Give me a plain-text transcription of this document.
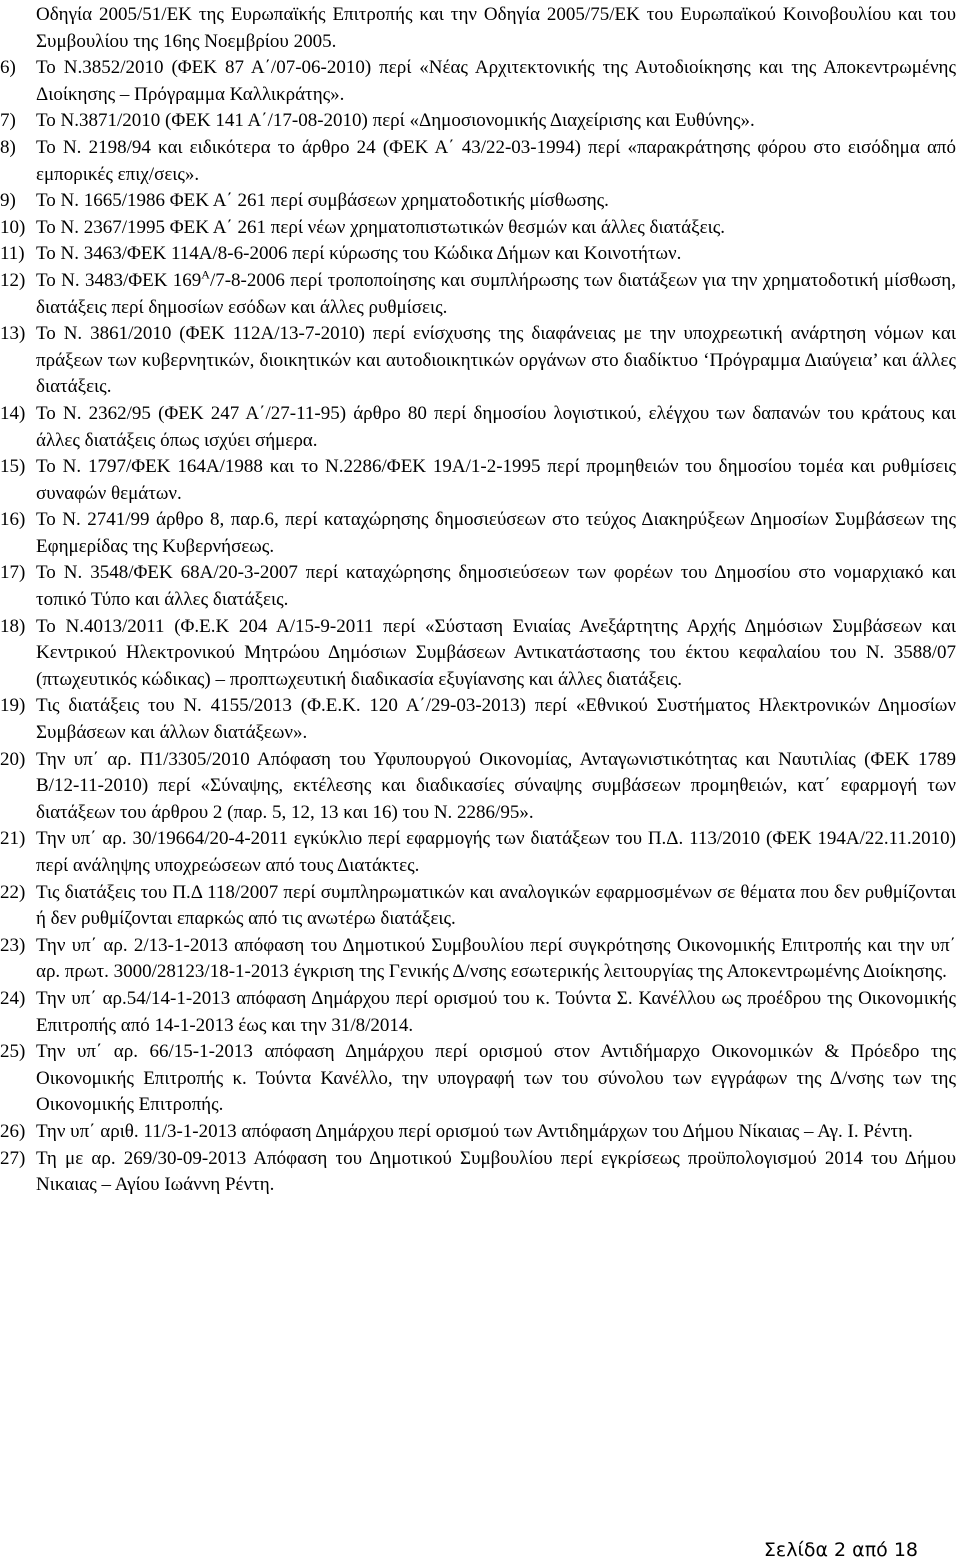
Οδηγία 2005/51/ΕΚ της Ευρωπαϊκής Επιτροπής και την Οδηγία 2005/75/ΕΚ του Ευρωπαϊκού Κοινοβουλίου και του Συμβουλίου της 16ης Νοεμβρίου 2005.

6) Το Ν.3852/2010 (ΦΕΚ 87 Α΄/07-06-2010) περί «Νέας Αρχιτεκτονικής της Αυτοδιοίκησης και της Αποκεντρωμένης Διοίκησης – Πρόγραμμα Καλλικράτης».
7) Το Ν.3871/2010 (ΦΕΚ 141 Α΄/17-08-2010) περί «Δημοσιονομικής Διαχείρισης και Ευθύνης».
8) Το Ν. 2198/94 και ειδικότερα το άρθρο 24 (ΦΕΚ Α΄ 43/22-03-1994) περί «παρακράτησης φόρου στο εισόδημα από εμπορικές επιχ/σεις».
9) Το Ν. 1665/1986 ΦΕΚ Α΄ 261 περί συμβάσεων χρηματοδοτικής μίσθωσης.
10) Το Ν. 2367/1995 ΦΕΚ Α΄ 261 περί νέων χρηματοπιστωτικών θεσμών και άλλες διατάξεις.
11) Το Ν. 3463/ΦΕΚ 114Α/8-6-2006 περί κύρωσης του Κώδικα Δήμων και Κοινοτήτων.
12) Το Ν. 3483/ΦΕΚ $169^A/7-8-2006$ περί τροποποίησης και συμπλήρωσης των διατάξεων για την χρηματοδοτική μίσθωση, διατάξεις περί δημοσίων εσόδων και άλλες ρυθμίσεις.
13) Το Ν. 3861/2010 (ΦΕΚ 112Α/13-7-2010) περί ενίσχυσης της διαφάνειας με την υποχρεωτική ανάρτηση νόμων και πράξεων των κυβερνητικών, διοικητικών και αυτοδιοικητικών οργάνων στο διαδίκτυο ‘Πρόγραμμα Διαύγεια’ και άλλες διατάξεις.
14) Το Ν. 2362/95 (ΦΕΚ 247 Α΄/27-11-95) άρθρο 80 περί δημοσίου λογιστικού, ελέγχου των δαπανών του κράτους και άλλες διατάξεις όπως ισχύει σήμερα.
15) Το Ν. 1797/ΦΕΚ 164Α/1988 και το Ν.2286/ΦΕΚ 19Α/1-2-1995 περί προμηθειών του δημοσίου τομέα και ρυθμίσεις συναφών θεμάτων.
16) Το Ν. 2741/99 άρθρο 8, παρ.6, περί καταχώρησης δημοσιεύσεων στο τεύχος Διακηρύξεων Δημοσίων Συμβάσεων της Εφημερίδας της Κυβερνήσεως.
17) Το Ν. 3548/ΦΕΚ 68Α/20-3-2007 περί καταχώρησης δημοσιεύσεων των φορέων του Δημοσίου στο νομαρχιακό και τοπικό Τύπο και άλλες διατάξεις.
18) Το Ν.4013/2011 (Φ.Ε.Κ 204 Α/15-9-2011 περί «Σύσταση Ενιαίας Ανεξάρτητης Αρχής Δημόσιων Συμβάσεων και Κεντρικού Ηλεκτρονικού Μητρώου Δημόσιων Συμβάσεων Αντικατάστασης του έκτου κεφαλαίου του Ν. 3588/07 (πτωχευτικός κώδικας) – προπτωχευτική διαδικασία εξυγίανσης και άλλες διατάξεις.
19) Τις διατάξεις του Ν. 4155/2013 (Φ.Ε.Κ. 120 Α΄/29-03-2013) περί «Εθνικού Συστήματος Ηλεκτρονικών Δημοσίων Συμβάσεων και άλλων διατάξεων».
20) Την υπ΄ αρ. Π1/3305/2010 Απόφαση του Υφυπουργού Οικονομίας, Ανταγωνιστικότητας και Ναυτιλίας (ΦΕΚ 1789 Β/12-11-2010) περί «Σύναψης, εκτέλεσης και διαδικασίες σύναψης συμβάσεων προμηθειών, κατ΄ εφαρμογή των διατάξεων του άρθρου 2 (παρ. 5, 12, 13 και 16) του Ν. 2286/95».
21) Την υπ΄ αρ. 30/19664/20-4-2011 εγκύκλιο περί εφαρμογής των διατάξεων του Π.Δ. 113/2010 (ΦΕΚ 194Α/22.11.2010) περί ανάληψης υποχρεώσεων από τους Διατάκτες.
22) Τις διατάξεις του Π.Δ 118/2007 περί συμπληρωματικών και αναλογικών εφαρμοσμένων σε θέματα που δεν ρυθμίζονται ή δεν ρυθμίζονται επαρκώς από τις ανωτέρω διατάξεις.
23) Την υπ΄ αρ. 2/13-1-2013 απόφαση του Δημοτικού Συμβουλίου περί συγκρότησης Οικονομικής Επιτροπής και την υπ΄ αρ. πρωτ. 3000/28123/18-1-2013 έγκριση της Γενικής Δ/νσης εσωτερικής λειτουργίας της Αποκεντρωμένης Διοίκησης.
24) Την υπ΄ αρ.54/14-1-2013 απόφαση Δημάρχου περί ορισμού του κ. Τούντα Σ. Κανέλλου ως προέδρου της Οικονομικής Επιτροπής από 14-1-2013 έως και την 31/8/2014.
25) Την υπ΄ αρ. 66/15-1-2013 απόφαση Δημάρχου περί ορισμού στον Αντιδήμαρχο Οικονομικών & Πρόεδρο της Οικονομικής Επιτροπής κ. Τούντα Κανέλλο, την υπογραφή των του σύνολου των εγγράφων της Δ/νσης των της Οικονομικής Επιτροπής.
26) Την υπ΄ αριθ. 11/3-1-2013 απόφαση Δημάρχου περί ορισμού των Αντιδημάρχων του Δήμου Νίκαιας – Αγ. Ι. Ρέντη.
27) Τη με αρ. 269/30-09-2013 Απόφαση του Δημοτικού Συμβουλίου περί εγκρίσεως προϋπολογισμού 2014 του Δήμου Νικαιας – Αγίου Ιωάννη Ρέντη.
Σελίδα 2 από 18
